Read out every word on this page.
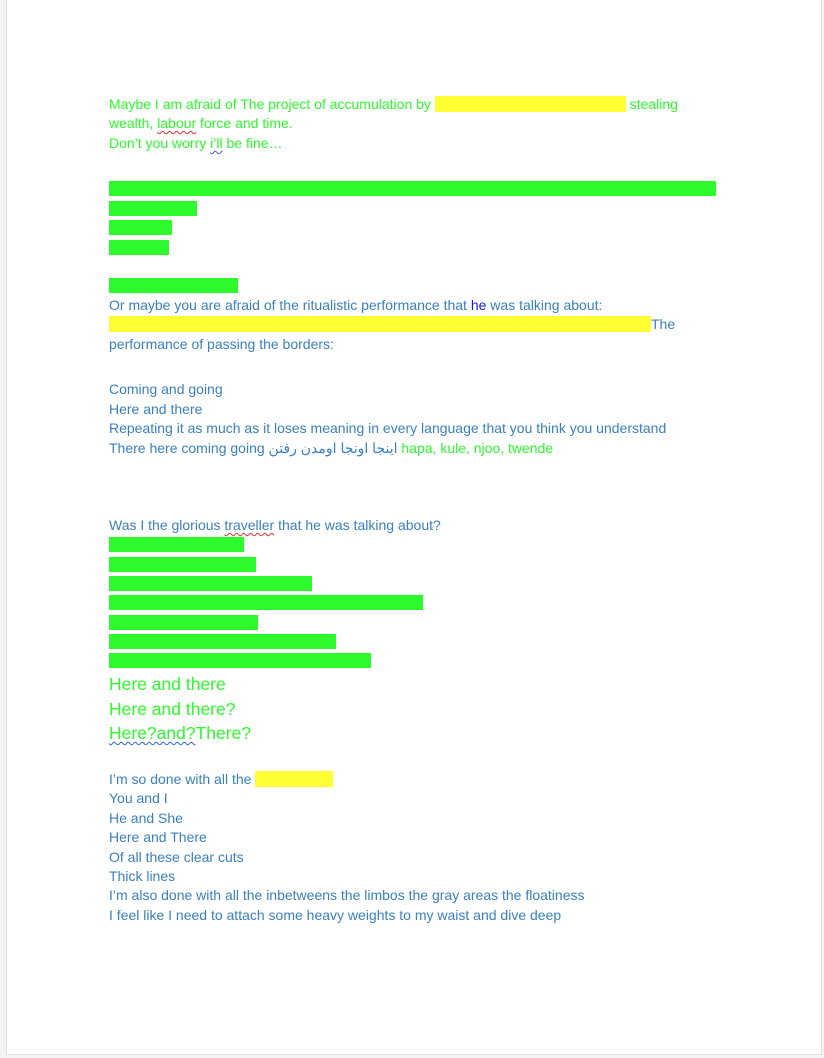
Maybe I am afraid of The project of accumulation by	stealing
wealth, labour force and time.
Don’t you worry i’ll be fine…
Or maybe you are afraid of the ritualistic performance that he was talking about:
The
performance of passing the borders:
Coming and going
Here and there
Repeating it as much as it loses meaning in every language that you think you understand
There here coming going اینجا اونجا اومدن رفتن hapa, kule, njoo, twende
Was I the glorious traveller that he was talking about?
Here and there
Here and there?
Here?and?There?
I’m so done with all the
You and I
He and She
Here and There
Of all these clear cuts
Thick lines
I’m also done with all the inbetweens the limbos the gray areas the floatiness
I feel like I need to attach some heavy weights to my waist and dive deep
